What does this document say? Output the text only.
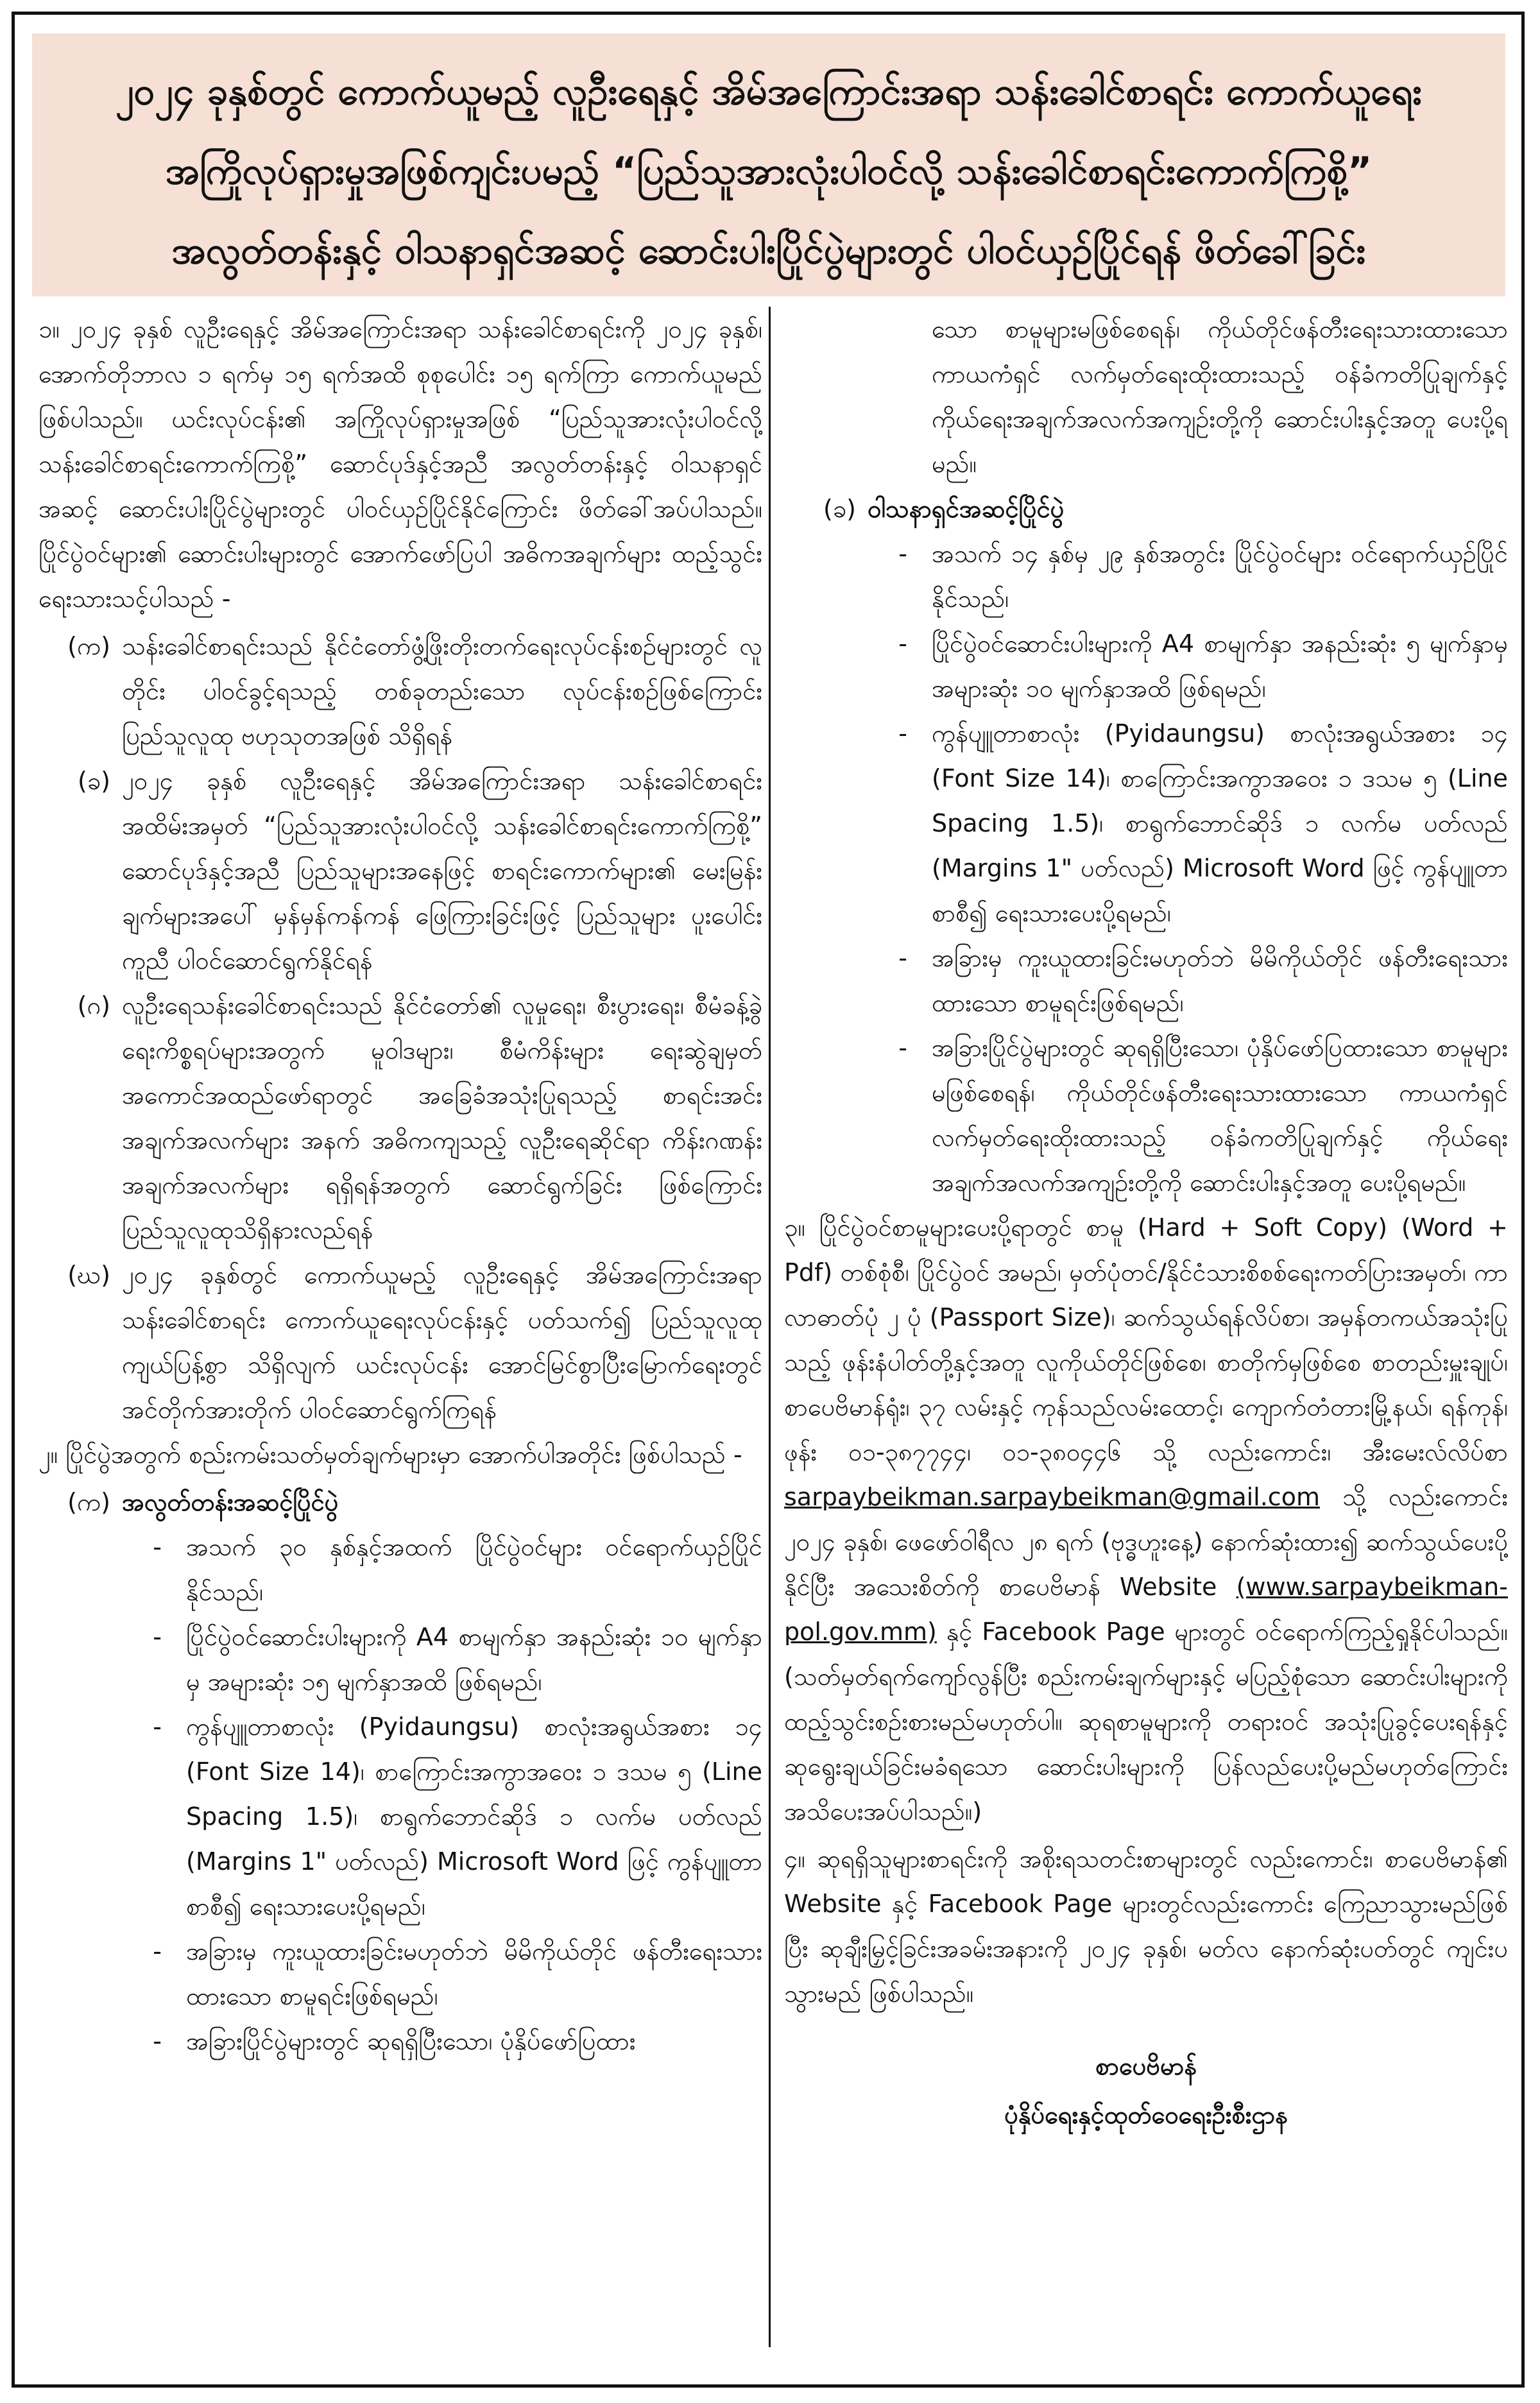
၂၀၂၄ ခုနှစ်တွင် ကောက်ယူမည့် လူဦးရေနှင့် အိမ်အကြောင်းအရာ သန်းခေါင်စာရင်း ကောက်ယူရေး
အကြိုလုပ်ရှားမှုအဖြစ်ကျင်းပမည့် “ပြည်သူအားလုံးပါဝင်လို့ သန်းခေါင်စာရင်းကောက်ကြစို့”
အလွတ်တန်းနှင့် ဝါသနာရှင်အဆင့် ဆောင်းပါးပြိုင်ပွဲများတွင် ပါဝင်ယှဉ်ပြိုင်ရန် ဖိတ်ခေါ်ခြင်း

၁။ ၂၀၂၄ ခုနှစ် လူဦးရေနှင့် အိမ်အကြောင်းအရာ သန်းခေါင်စာရင်းကို ၂၀၂၄ ခုနှစ်၊ အောက်တိုဘာလ ၁ ရက်မှ ၁၅ ရက်အထိ စုစုပေါင်း ၁၅ ရက်ကြာ ကောက်ယူမည်ဖြစ်ပါသည်။ ယင်းလုပ်ငန်း၏ အကြိုလုပ်ရှားမှုအဖြစ် “ပြည်သူအားလုံးပါဝင်လို့ သန်းခေါင်စာရင်းကောက်ကြစို့” ဆောင်ပုဒ်နှင့်အညီ အလွတ်တန်းနှင့် ဝါသနာရှင်အဆင့် ဆောင်းပါးပြိုင်ပွဲများတွင် ပါဝင်ယှဉ်ပြိုင်နိုင်ကြောင်း ဖိတ်ခေါ်အပ်ပါသည်။ ပြိုင်ပွဲဝင်များ၏ ဆောင်းပါးများတွင် အောက်ဖော်ပြပါ အဓိကအချက်များ ထည့်သွင်းရေးသားသင့်ပါသည် -

(က) သန်းခေါင်စာရင်းသည် နိုင်ငံတော်ဖွံ့ဖြိုးတိုးတက်ရေးလုပ်ငန်းစဉ်များတွင် လူတိုင်း ပါဝင်ခွင့်ရသည့် တစ်ခုတည်းသော လုပ်ငန်းစဉ်ဖြစ်ကြောင်း ပြည်သူလူထု ဗဟုသုတအဖြစ် သိရှိရန်
(ခ) ၂၀၂၄ ခုနှစ် လူဦးရေနှင့် အိမ်အကြောင်းအရာ သန်းခေါင်စာရင်း အထိမ်းအမှတ် “ပြည်သူအားလုံးပါဝင်လို့ သန်းခေါင်စာရင်းကောက်ကြစို့” ဆောင်ပုဒ်နှင့်အညီ ပြည်သူများအနေဖြင့် စာရင်းကောက်များ၏ မေးမြန်းချက်များအပေါ် မှန်မှန်ကန်ကန် ဖြေကြားခြင်းဖြင့် ပြည်သူများ ပူးပေါင်းကူညီ ပါဝင်ဆောင်ရွက်နိုင်ရန်
(ဂ) လူဦးရေသန်းခေါင်စာရင်းသည် နိုင်ငံတော်၏ လူမှုရေး၊ စီးပွားရေး၊ စီမံခန့်ခွဲရေးကိစ္စရပ်များအတွက် မူဝါဒများ၊ စီမံကိန်းများ ရေးဆွဲချမှတ် အကောင်အထည်ဖော်ရာတွင် အခြေခံအသုံးပြုရသည့် စာရင်းအင်း အချက်အလက်များ အနက် အဓိကကျသည့် လူဦးရေဆိုင်ရာ ကိန်းဂဏန်း အချက်အလက်များ ရရှိရန်အတွက် ဆောင်ရွက်ခြင်း ဖြစ်ကြောင်း ပြည်သူလူထုသိရှိနားလည်ရန်
(ဃ) ၂၀၂၄ ခုနှစ်တွင် ကောက်ယူမည့် လူဦးရေနှင့် အိမ်အကြောင်းအရာ သန်းခေါင်စာရင်း ကောက်ယူရေးလုပ်ငန်းနှင့် ပတ်သက်၍ ပြည်သူလူထု ကျယ်ပြန့်စွာ သိရှိလျက် ယင်းလုပ်ငန်း အောင်မြင်စွာပြီးမြောက်ရေးတွင် အင်တိုက်အားတိုက် ပါဝင်ဆောင်ရွက်ကြရန်

၂။ ပြိုင်ပွဲအတွက် စည်းကမ်းသတ်မှတ်ချက်များမှာ အောက်ပါအတိုင်း ဖြစ်ပါသည် -

(က) အလွတ်တန်းအဆင့်ပြိုင်ပွဲ
-	အသက် ၃၀ နှစ်နှင့်အထက် ပြိုင်ပွဲဝင်များ ဝင်ရောက်ယှဉ်ပြိုင်နိုင်သည်၊
-	ပြိုင်ပွဲဝင်ဆောင်းပါးများကို A4 စာမျက်နှာ အနည်းဆုံး ၁၀ မျက်နှာမှ အများဆုံး ၁၅ မျက်နှာအထိ ဖြစ်ရမည်၊
-	ကွန်ပျူတာစာလုံး (Pyidaungsu) စာလုံးအရွယ်အစား ၁၄ (Font Size 14)၊ စာကြောင်းအကွာအဝေး ၁ ဒသမ ၅ (Line Spacing 1.5)၊ စာရွက်ဘောင်ဆိုဒ် ၁ လက်မ ပတ်လည် (Margins 1" ပတ်လည်) Microsoft Word ဖြင့် ကွန်ပျူတာ စာစီ၍ ရေးသားပေးပို့ရမည်၊
-	အခြားမှ ကူးယူထားခြင်းမဟုတ်ဘဲ မိမိကိုယ်တိုင် ဖန်တီးရေးသားထားသော စာမူရင်းဖြစ်ရမည်၊
-	အခြားပြိုင်ပွဲများတွင် ဆုရရှိပြီးသော၊ ပုံနှိပ်ဖော်ပြထား

သော စာမူများမဖြစ်စေရန်၊ ကိုယ်တိုင်ဖန်တီးရေးသားထားသော ကာယကံရှင် လက်မှတ်ရေးထိုးထားသည့် ဝန်ခံကတိပြုချက်နှင့် ကိုယ်ရေးအချက်အလက်အကျဉ်းတို့ကို ဆောင်းပါးနှင့်အတူ ပေးပို့ရမည်။

(ခ) ဝါသနာရှင်အဆင့်ပြိုင်ပွဲ
-	အသက် ၁၄ နှစ်မှ ၂၉ နှစ်အတွင်း ပြိုင်ပွဲဝင်များ ဝင်ရောက်ယှဉ်ပြိုင်နိုင်သည်၊
-	ပြိုင်ပွဲဝင်ဆောင်းပါးများကို A4 စာမျက်နှာ အနည်းဆုံး ၅ မျက်နှာမှ အများဆုံး ၁၀ မျက်နှာအထိ ဖြစ်ရမည်၊
-	ကွန်ပျူတာစာလုံး (Pyidaungsu) စာလုံးအရွယ်အစား ၁၄ (Font Size 14)၊ စာကြောင်းအကွာအဝေး ၁ ဒသမ ၅ (Line Spacing 1.5)၊ စာရွက်ဘောင်ဆိုဒ် ၁ လက်မ ပတ်လည် (Margins 1" ပတ်လည်) Microsoft Word ဖြင့် ကွန်ပျူတာစာစီ၍ ရေးသားပေးပို့ရမည်၊
-	အခြားမှ ကူးယူထားခြင်းမဟုတ်ဘဲ မိမိကိုယ်တိုင် ဖန်တီးရေးသားထားသော စာမူရင်းဖြစ်ရမည်၊
-	အခြားပြိုင်ပွဲများတွင် ဆုရရှိပြီးသော၊ ပုံနှိပ်ဖော်ပြထားသော စာမူများ မဖြစ်စေရန်၊ ကိုယ်တိုင်ဖန်တီးရေးသားထားသော ကာယကံရှင် လက်မှတ်ရေးထိုးထားသည့် ဝန်ခံကတိပြုချက်နှင့် ကိုယ်ရေးအချက်အလက်အကျဉ်းတို့ကို ဆောင်းပါးနှင့်အတူ ပေးပို့ရမည်။

၃။ ပြိုင်ပွဲဝင်စာမူများပေးပို့ရာတွင် စာမူ (Hard + Soft Copy) (Word + Pdf) တစ်စုံစီ၊ ပြိုင်ပွဲဝင် အမည်၊ မှတ်ပုံတင်/နိုင်ငံသားစိစစ်ရေးကတ်ပြားအမှတ်၊ ကာလာဓာတ်ပုံ ၂ ပုံ (Passport Size)၊ ဆက်သွယ်ရန်လိပ်စာ၊ အမှန်တကယ်အသုံးပြုသည့် ဖုန်းနံပါတ်တို့နှင့်အတူ လူကိုယ်တိုင်ဖြစ်စေ၊ စာတိုက်မှဖြစ်စေ စာတည်းမှူးချုပ်၊ စာပေဗိမာန်ရုံး၊ ၃၇ လမ်းနှင့် ကုန်သည်လမ်းထောင့်၊ ကျောက်တံတားမြို့နယ်၊ ရန်ကုန်၊ ဖုန်း ၀၁-၃၈၇၇၄၄၊ ၀၁-၃၈၀၄၄၆ သို့ လည်းကောင်း၊ အီးမေးလ်လိပ်စာ sarpaybeikman.sarpaybeikman@gmail.com သို့ လည်းကောင်း ၂၀၂၄ ခုနှစ်၊ ဖေဖော်ဝါရီလ ၂၈ ရက် (ဗုဒ္ဓဟူးနေ့) နောက်ဆုံးထား၍ ဆက်သွယ်ပေးပို့နိုင်ပြီး အသေးစိတ်ကို စာပေဗိမာန် Website (www.sarpaybeikman-pol.gov.mm) နှင့် Facebook Page များတွင် ဝင်ရောက်ကြည့်ရှုနိုင်ပါသည်။ (သတ်မှတ်ရက်ကျော်လွန်ပြီး စည်းကမ်းချက်များနှင့် မပြည့်စုံသော ဆောင်းပါးများကို ထည့်သွင်းစဉ်းစားမည်မဟုတ်ပါ။ ဆုရစာမူများကို တရားဝင် အသုံးပြုခွင့်ပေးရန်နှင့် ဆုရွေးချယ်ခြင်းမခံရသော ဆောင်းပါးများကို ပြန်လည်ပေးပို့မည်မဟုတ်ကြောင်း အသိပေးအပ်ပါသည်။)

၄။ ဆုရရှိသူများစာရင်းကို အစိုးရသတင်းစာများတွင် လည်းကောင်း၊ စာပေဗိမာန်၏ Website နှင့် Facebook Page များတွင်လည်းကောင်း ကြေညာသွားမည်ဖြစ်ပြီး ဆုချီးမြှင့်ခြင်းအခမ်းအနားကို ၂၀၂၄ ခုနှစ်၊ မတ်လ နောက်ဆုံးပတ်တွင် ကျင်းပသွားမည် ဖြစ်ပါသည်။

စာပေဗိမာန်
ပုံနှိပ်ရေးနှင့်ထုတ်ဝေရေးဦးစီးဌာန
